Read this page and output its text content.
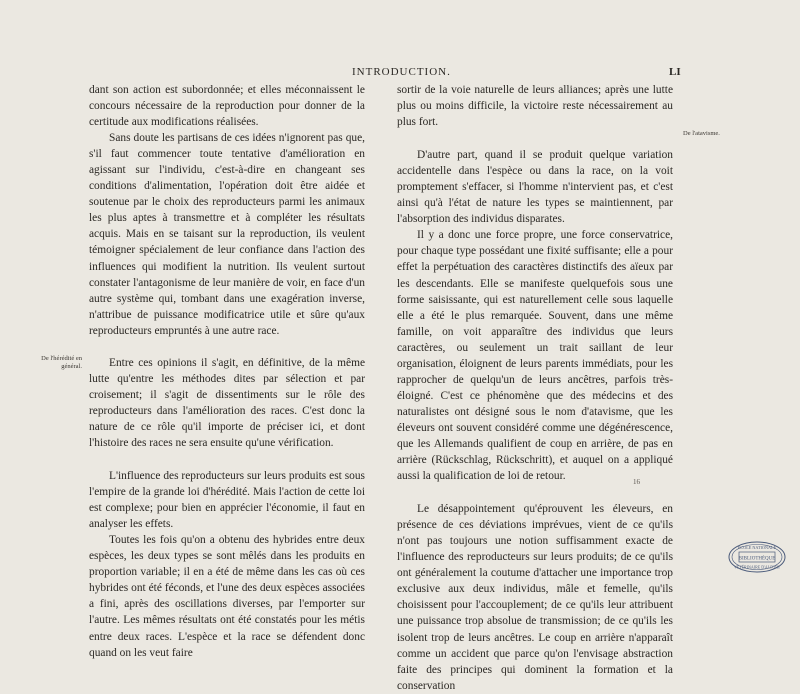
INTRODUCTION.	LI

dant son action est subordonnée; et elles méconnaissent le concours nécessaire de la reproduction pour donner de la certitude aux modifications réalisées.

Sans doute les partisans de ces idées n'ignorent pas que, s'il faut commencer toute tentative d'amélioration en agissant sur l'individu, c'est-à-dire en changeant ses conditions d'alimentation, l'opération doit être aidée et soutenue par le choix des reproducteurs parmi les animaux les plus aptes à transmettre et à compléter les résultats acquis. Mais en se taisant sur la reproduction, ils veulent témoigner spécialement de leur confiance dans l'action des influences qui modifient la nutrition. Ils veulent surtout constater l'antagonisme de leur manière de voir, en face d'un autre système qui, tombant dans une exagération inverse, n'attribue de puissance modificatrice utile et sûre qu'aux reproducteurs empruntés à une autre race.

Entre ces opinions il s'agit, en définitive, de la même lutte qu'entre les méthodes dites par sélection et par croisement; il s'agit de dissentiments sur le rôle des reproducteurs dans l'amélioration des races. C'est donc la nature de ce rôle qu'il importe de préciser ici, et dont l'histoire des races ne sera ensuite qu'une vérification.

L'influence des reproducteurs sur leurs produits est sous l'empire de la grande loi d'hérédité. Mais l'action de cette loi est complexe; pour bien en apprécier l'économie, il faut en analyser les effets.

Toutes les fois qu'on a obtenu des hybrides entre deux espèces, les deux types se sont mêlés dans les produits en proportion variable; il en a été de même dans les cas où ces hybrides ont été féconds, et l'une des deux espèces associées a fini, après des oscillations diverses, par l'emporter sur l'autre. Les mêmes résultats ont été constatés pour les métis entre deux races. L'espèce et la race se défendent donc quand on les veut faire

sortir de la voie naturelle de leurs alliances; après une lutte plus ou moins difficile, la victoire reste nécessairement au plus fort.

D'autre part, quand il se produit quelque variation accidentelle dans l'espèce ou dans la race, on la voit promptement s'effacer, si l'homme n'intervient pas, et c'est ainsi qu'à l'état de nature les types se maintiennent, par l'absorption des individus disparates.

Il y a donc une force propre, une force conservatrice, pour chaque type possédant une fixité suffisante; elle a pour effet la perpétuation des caractères distinctifs des aïeux par les descendants. Elle se manifeste quelquefois sous une forme saisissante, qui est naturellement celle sous laquelle elle a été le plus remarquée. Souvent, dans une même famille, on voit apparaître des individus que leurs caractères, ou seulement un trait saillant de leur organisation, éloignent de leurs parents immédiats, pour les rapprocher de quelqu'un de leurs ancêtres, parfois très-éloigné. C'est ce phénomène que des médecins et des naturalistes ont désigné sous le nom d'atavisme, que les éleveurs ont souvent considéré comme une dégénérescence, que les Allemands qualifient de coup en arrière, de pas en arrière (Rückschlag, Rückschritt), et auquel on a appliqué aussi la qualification de loi de retour.

Le désappointement qu'éprouvent les éleveurs, en présence de ces déviations imprévues, vient de ce qu'ils n'ont pas toujours une notion suffisamment exacte de l'influence des reproducteurs sur leurs produits; de ce qu'ils ont généralement la coutume d'attacher une importance trop exclusive aux deux individus, mâle et femelle, qu'ils choisissent pour l'accouplement; de ce qu'ils leur attribuent une puissance trop absolue de transmission; de ce qu'ils les isolent trop de leurs ancêtres. Le coup en arrière n'apparaît comme un accident que parce qu'on l'envisage abstraction faite des principes qui dominent la formation et la conservation

De l'hérédité en général.
De l'atavisme.
16
ÉCOLE NATIONALE
BIBLIOTHÈQUE
VÉTÉRINAIRE D'ALFORT
